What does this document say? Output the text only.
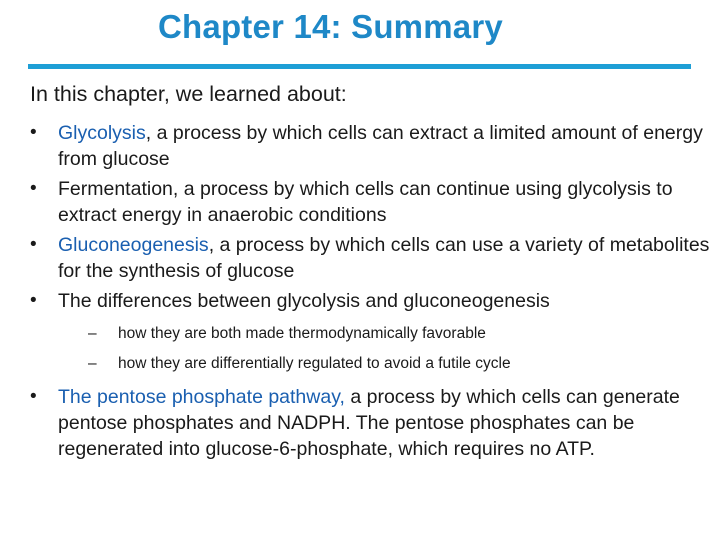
Chapter 14: Summary
In this chapter, we learned about:
• Glycolysis, a process by which cells can extract a limited amount of energy from glucose
• Fermentation, a process by which cells can continue using glycolysis to extract energy in anaerobic conditions
• Gluconeogenesis, a process by which cells can use a variety of metabolites for the synthesis of glucose
• The differences between glycolysis and gluconeogenesis
– how they are both made thermodynamically favorable
– how they are differentially regulated to avoid a futile cycle
• The pentose phosphate pathway, a process by which cells can generate pentose phosphates and NADPH. The pentose phosphates can be regenerated into glucose-6-phosphate, which requires no ATP.
